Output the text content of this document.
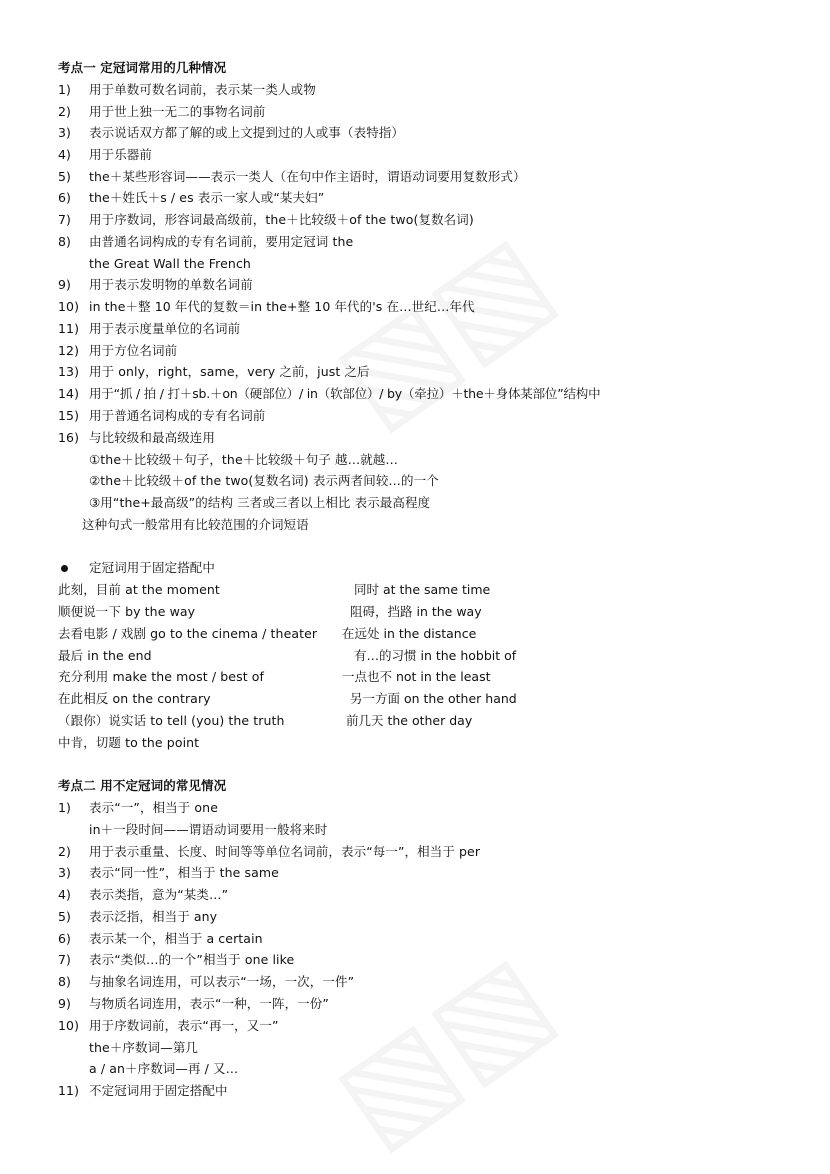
考点一 定冠词常用的几种情况
1) 用于单数可数名词前，表示某一类人或物
2) 用于世上独一无二的事物名词前
3) 表示说话双方都了解的或上文提到过的人或事（表特指）
4) 用于乐器前
5) the＋某些形容词——表示一类人（在句中作主语时，谓语动词要用复数形式）
6) the＋姓氏＋s / es 表示一家人或“某夫妇”
7) 用于序数词，形容词最高级前，the＋比较级＋of the two(复数名词)
8) 由普通名词构成的专有名词前，要用定冠词 the
the Great Wall the French
9) 用于表示发明物的单数名词前
10) in the＋整 10 年代的复数＝in the+整 10 年代的's 在…世纪…年代
11) 用于表示度量单位的名词前
12) 用于方位名词前
13) 用于 only，right，same，very 之前，just 之后
14) 用于“抓 / 拍 / 打＋sb.＋on（硬部位）/ in（软部位）/ by（牵拉）＋the＋身体某部位”结构中
15) 用于普通名词构成的专有名词前
16) 与比较级和最高级连用
①the＋比较级＋句子，the＋比较级＋句子 越…就越…
②the＋比较级＋of the two(复数名词) 表示两者间较…的一个
③用“the+最高级”的结构 三者或三者以上相比 表示最高程度
这种句式一般常用有比较范围的介词短语
定冠词用于固定搭配中
此刻，目前 at the moment	同时 at the same time
顺便说一下 by the way	阻碍，挡路 in the way
去看电影 / 戏剧 go to the cinema / theater 在远处 in the distance
最后 in the end	有…的习惯 in the hobbit of
充分利用 make the most / best of	一点也不 not in the least
在此相反 on the contrary	另一方面 on the other hand
（跟你）说实话 to tell (you) the truth	前几天 the other day
中肯，切题 to the point
考点二 用不定冠词的常见情况
1) 表示“一”，相当于 one
in＋一段时间——谓语动词要用一般将来时
2) 用于表示重量、长度、时间等等单位名词前，表示“每一”，相当于 per
3) 表示“同一性”，相当于 the same
4) 表示类指，意为“某类…”
5) 表示泛指，相当于 any
6) 表示某一个，相当于 a certain
7) 表示“类似…的一个”相当于 one like
8) 与抽象名词连用，可以表示“一场，一次，一件”
9) 与物质名词连用，表示“一种，一阵，一份”
10) 用于序数词前，表示“再一，又一”
the＋序数词—第几
a / an＋序数词—再 / 又…
11) 不定冠词用于固定搭配中
